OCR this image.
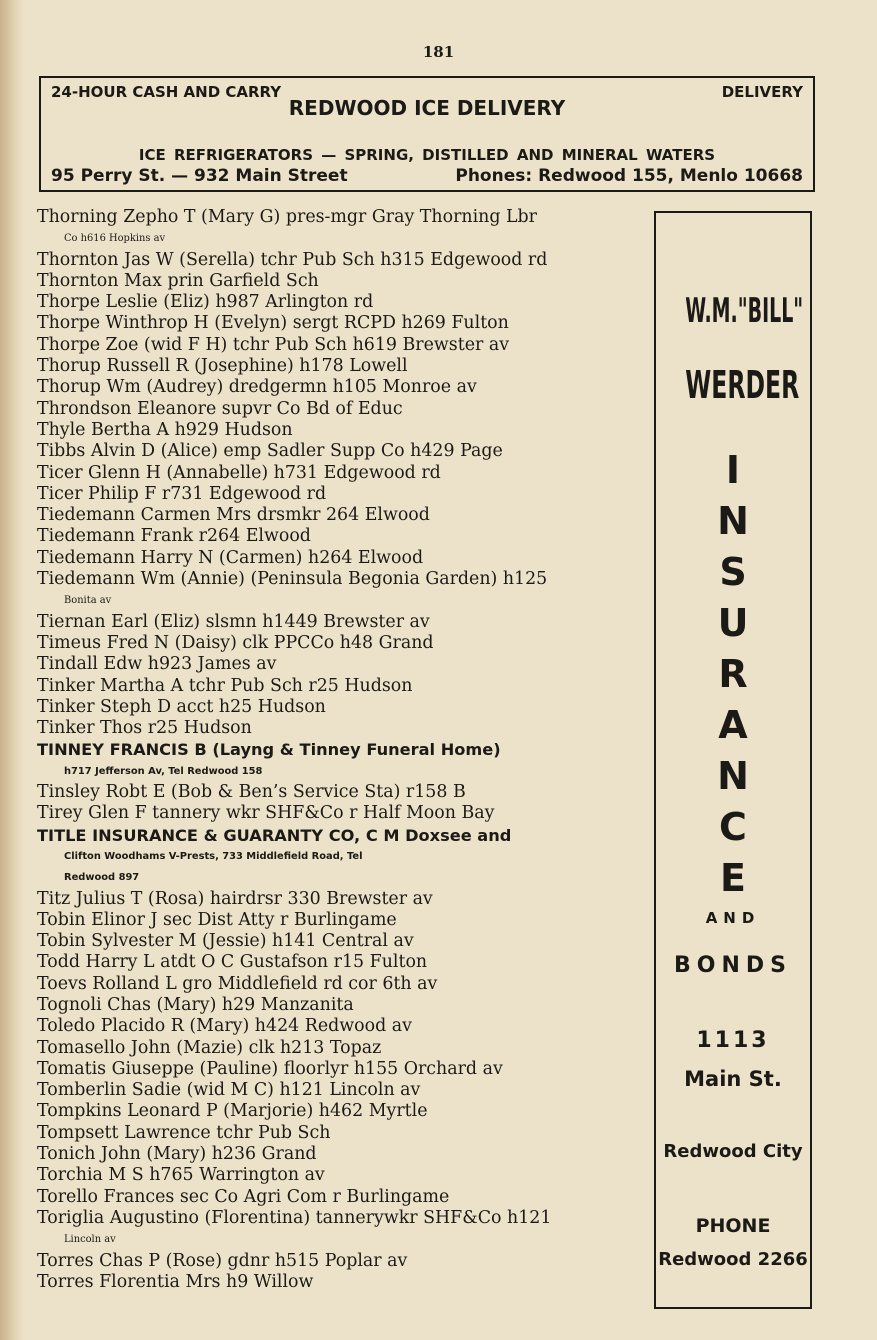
181
24-HOUR CASH AND CARRY	DELIVERY
REDWOOD ICE DELIVERY
ICE REFRIGERATORS — SPRING, DISTILLED AND MINERAL WATERS
95 Perry St. — 932 Main Street	Phones: Redwood 155, Menlo 10668
Thorning Zepho T (Mary G) pres-mgr Gray Thorning Lbr
Co h616 Hopkins av
Thornton Jas W (Serella) tchr Pub Sch h315 Edgewood rd
Thornton Max prin Garfield Sch
Thorpe Leslie (Eliz) h987 Arlington rd
Thorpe Winthrop H (Evelyn) sergt RCPD h269 Fulton
Thorpe Zoe (wid F H) tchr Pub Sch h619 Brewster av
Thorup Russell R (Josephine) h178 Lowell
Thorup Wm (Audrey) dredgermn h105 Monroe av
Throndson Eleanore supvr Co Bd of Educ
Thyle Bertha A h929 Hudson
Tibbs Alvin D (Alice) emp Sadler Supp Co h429 Page
Ticer Glenn H (Annabelle) h731 Edgewood rd
Ticer Philip F r731 Edgewood rd
Tiedemann Carmen Mrs drsmkr 264 Elwood
Tiedemann Frank r264 Elwood
Tiedemann Harry N (Carmen) h264 Elwood
Tiedemann Wm (Annie) (Peninsula Begonia Garden) h125
Bonita av
Tiernan Earl (Eliz) slsmn h1449 Brewster av
Timeus Fred N (Daisy) clk PPCCo h48 Grand
Tindall Edw h923 James av
Tinker Martha A tchr Pub Sch r25 Hudson
Tinker Steph D acct h25 Hudson
Tinker Thos r25 Hudson
TINNEY FRANCIS B (Layng & Tinney Funeral Home)
h717 Jefferson Av, Tel Redwood 158
Tinsley Robt E (Bob & Ben’s Service Sta) r158 B
Tirey Glen F tannery wkr SHF&Co r Half Moon Bay
TITLE INSURANCE & GUARANTY CO, C M Doxsee and
Clifton Woodhams V-Prests, 733 Middlefield Road, Tel
Redwood 897
Titz Julius T (Rosa) hairdrsr 330 Brewster av
Tobin Elinor J sec Dist Atty r Burlingame
Tobin Sylvester M (Jessie) h141 Central av
Todd Harry L atdt O C Gustafson r15 Fulton
Toevs Rolland L gro Middlefield rd cor 6th av
Tognoli Chas (Mary) h29 Manzanita
Toledo Placido R (Mary) h424 Redwood av
Tomasello John (Mazie) clk h213 Topaz
Tomatis Giuseppe (Pauline) floorlyr h155 Orchard av
Tomberlin Sadie (wid M C) h121 Lincoln av
Tompkins Leonard P (Marjorie) h462 Myrtle
Tompsett Lawrence tchr Pub Sch
Tonich John (Mary) h236 Grand
Torchia M S h765 Warrington av
Torello Frances sec Co Agri Com r Burlingame
Toriglia Augustino (Florentina) tannerywkr SHF&Co h121
Lincoln av
Torres Chas P (Rose) gdnr h515 Poplar av
Torres Florentia Mrs h9 Willow
W.M."BILL"
WERDER
I
N
S
U
R
A
N
C
E
AND
BONDS
1113
Main St.
Redwood City
PHONE
Redwood 2266
